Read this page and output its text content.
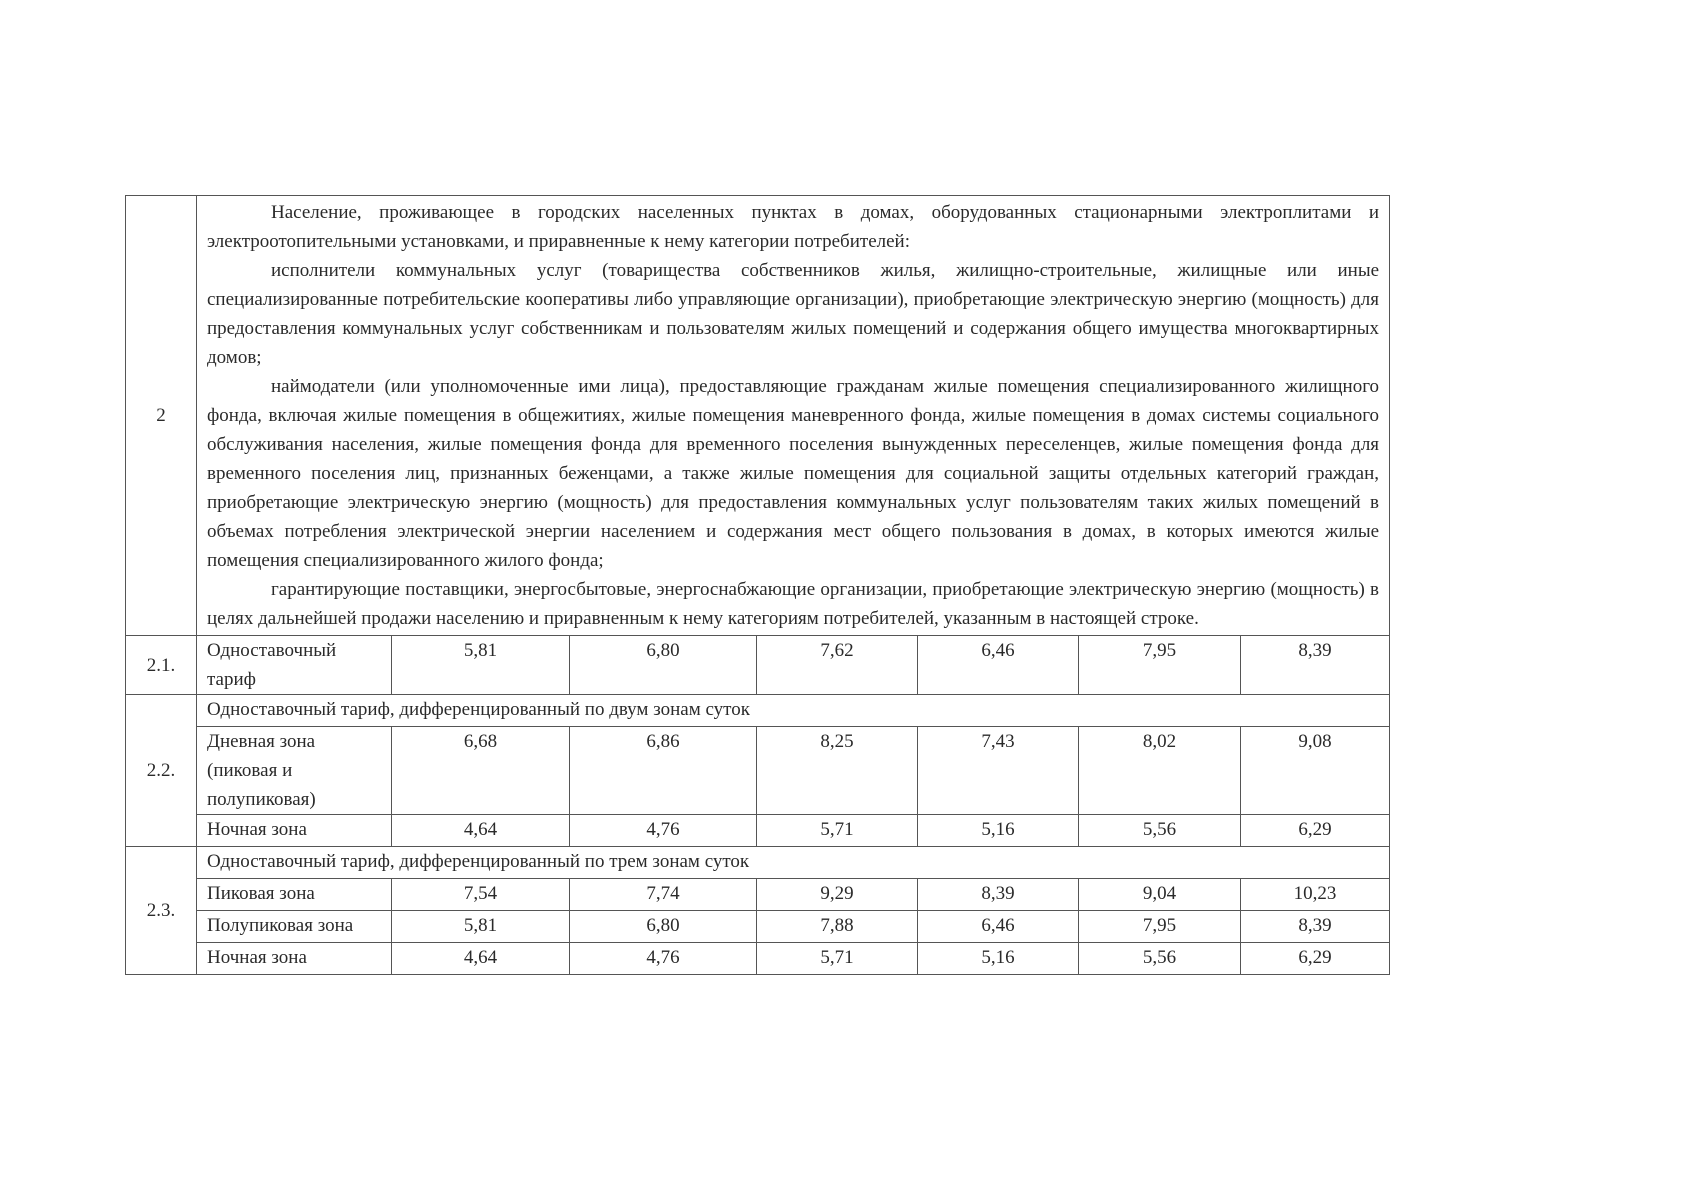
2	Население, проживающее в городских населенных пунктах в домах, оборудованных стационарными электроплитами и электроотопительными установками, и приравненные к нему категории потребителей:

исполнители коммунальных услуг (товарищества собственников жилья, жилищно-строительные, жилищные или иные специализированные потребительские кооперативы либо управляющие организации), приобретающие электрическую энергию (мощность) для предоставления коммунальных услуг собственникам и пользователям жилых помещений и содержания общего имущества многоквартирных домов;

наймодатели (или уполномоченные ими лица), предоставляющие гражданам жилые помещения специализированного жилищного фонда, включая жилые помещения в общежитиях, жилые помещения маневренного фонда, жилые помещения в домах системы социального обслуживания населения, жилые помещения фонда для временного поселения вынужденных переселенцев, жилые помещения фонда для временного поселения лиц, признанных беженцами, а также жилые помещения для социальной защиты отдельных категорий граждан, приобретающие электрическую энергию (мощность) для предоставления коммунальных услуг пользователям таких жилых помещений в объемах потребления электрической энергии населением и содержания мест общего пользования в домах, в которых имеются жилые помещения специализированного жилого фонда;

гарантирующие поставщики, энергосбытовые, энергоснабжающие организации, приобретающие электрическую энергию (мощность) в целях дальнейшей продажи населению и приравненным к нему категориям потребителей, указанным в настоящей строке.						

2.1.	Одноставочный тариф	5,81	6,80	7,62	6,46	7,95	8,39
2.2.	Одноставочный тариф, дифференцированный по двум зонам суток						
	Дневная зона (пиковая и полупиковая)	6,68	6,86	8,25	7,43	8,02	9,08
	Ночная зона	4,64	4,76	5,71	5,16	5,56	6,29
2.3.	Одноставочный тариф, дифференцированный по трем зонам суток						
	Пиковая зона	7,54	7,74	9,29	8,39	9,04	10,23
	Полупиковая зона	5,81	6,80	7,88	6,46	7,95	8,39
	Ночная зона	4,64	4,76	5,71	5,16	5,56	6,29
